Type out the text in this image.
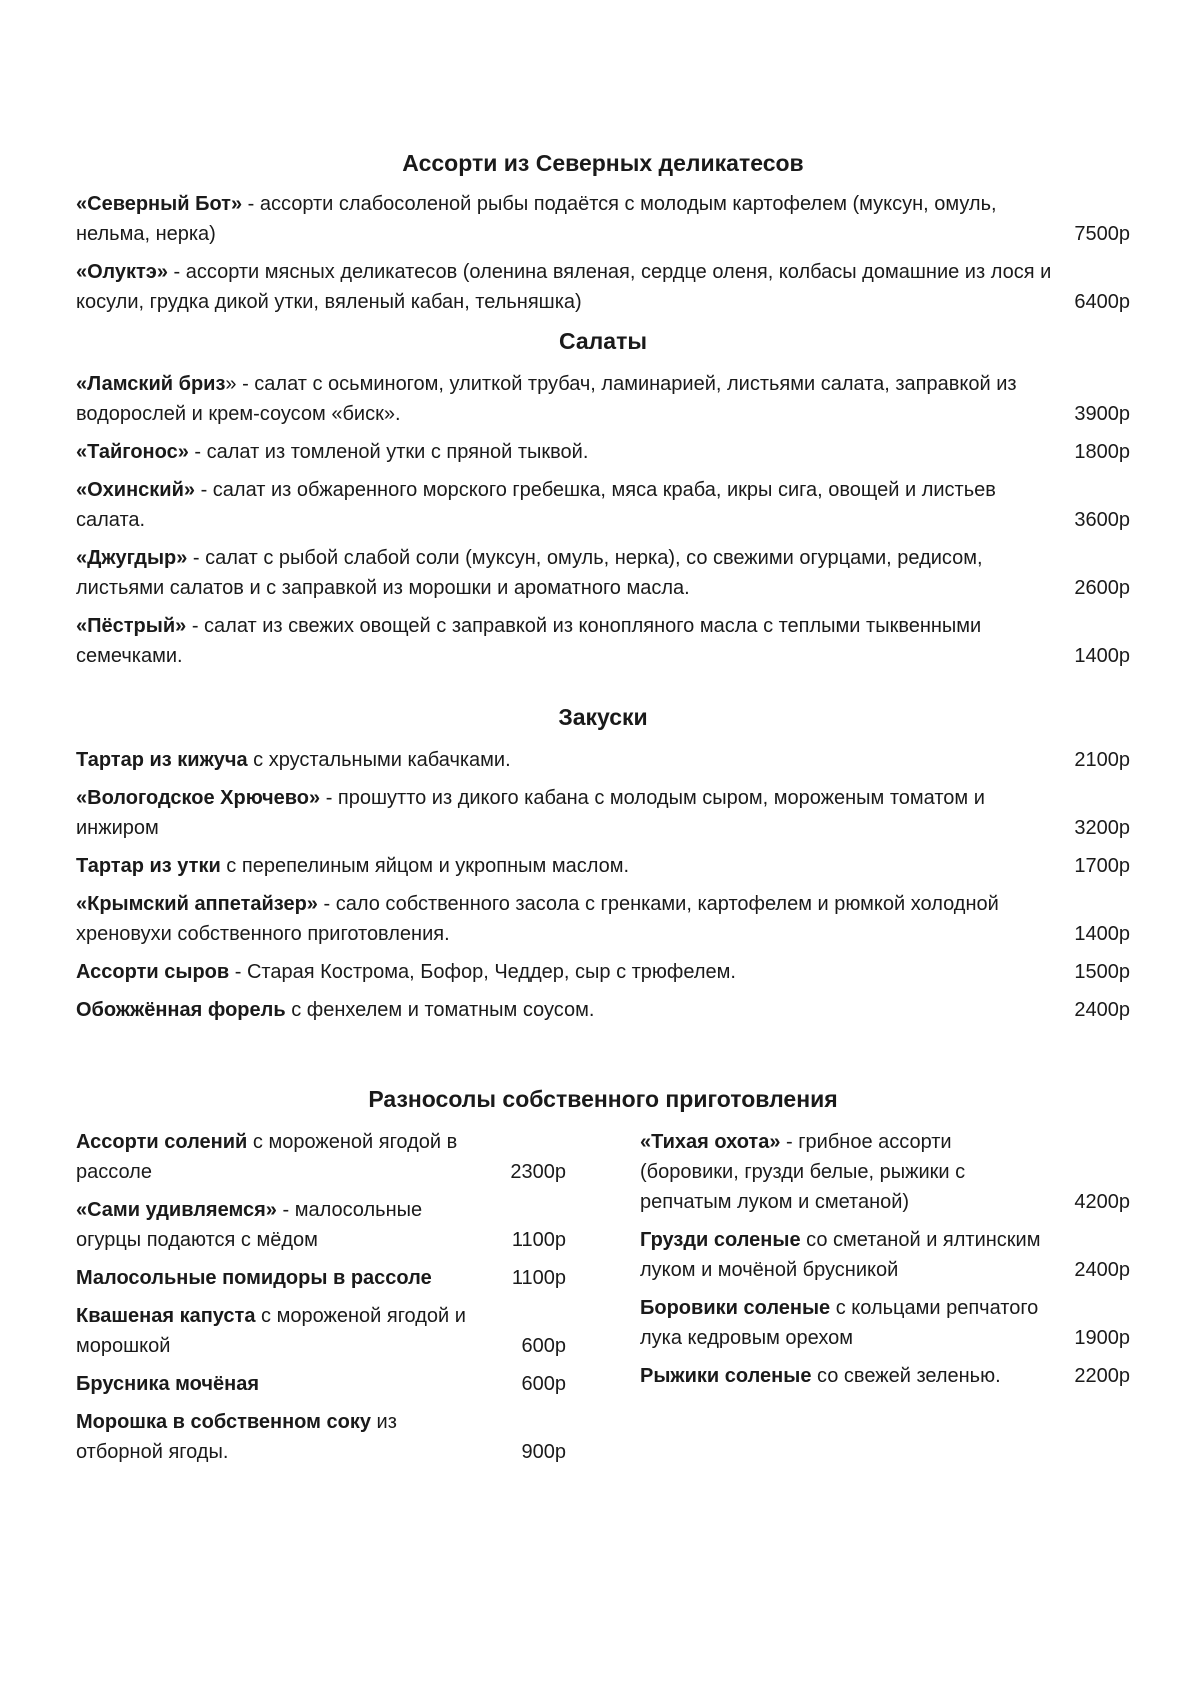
Ассорти из Северных деликатесов
«Северный Бот» - ассорти слабосоленой рыбы подаётся с молодым картофелем (муксун, омуль, нельма, нерка)	7500р
«Олуктэ» - ассорти мясных деликатесов (оленина вяленая, сердце оленя, колбасы домашние из лося и косули, грудка дикой утки, вяленый кабан, тельняшка)	6400р
Салаты
«Ламский бриз» - салат с осьминогом, улиткой трубач, ламинарией, листьями салата, заправкой из водорослей и крем-соусом «биск».	3900р
«Тайгонос» - салат из томленой утки с пряной тыквой.	1800р
«Охинский» - салат из обжаренного морского гребешка, мяса краба, икры сига, овощей и листьев салата.	3600р
«Джугдыр» - салат с рыбой слабой соли (муксун, омуль, нерка), со свежими огурцами, редисом, листьями салатов и с заправкой из морошки и ароматного масла.	2600р
«Пёстрый» - салат из свежих овощей с заправкой из конопляного масла с теплыми тыквенными семечками.	1400р
Закуски
Тартар из кижуча с хрустальными кабачками.	2100р
«Вологодское Хрючево» - прошутто из дикого кабана с молодым сыром, мороженым томатом и инжиром	3200р
Тартар из утки с перепелиным яйцом и укропным маслом.	1700р
«Крымский аппетайзер» - сало собственного засола с гренками, картофелем и рюмкой холодной хреновухи собственного приготовления.	1400р
Ассорти сыров - Старая Кострома, Бофор, Чеддер, сыр с трюфелем.	1500р
Обожжённая форель с фенхелем и томатным соусом.	2400р
Разносолы собственного приготовления
Ассорти солений с мороженой ягодой в рассоле	2300р
«Сами удивляемся» - малосольные огурцы подаются с мёдом	1100р
Малосольные помидоры в рассоле	1100р
Квашеная капуста с мороженой ягодой и морошкой	600р
Брусника мочёная	600р
Морошка в собственном соку из отборной ягоды.	900р
«Тихая охота» - грибное ассорти (боровики, грузди белые, рыжики с репчатым луком и сметаной)	4200р
Грузди соленые со сметаной и ялтинским луком и мочёной брусникой	2400р
Боровики соленые с кольцами репчатого лука кедровым орехом	1900р
Рыжики соленые со свежей зеленью.	2200р
